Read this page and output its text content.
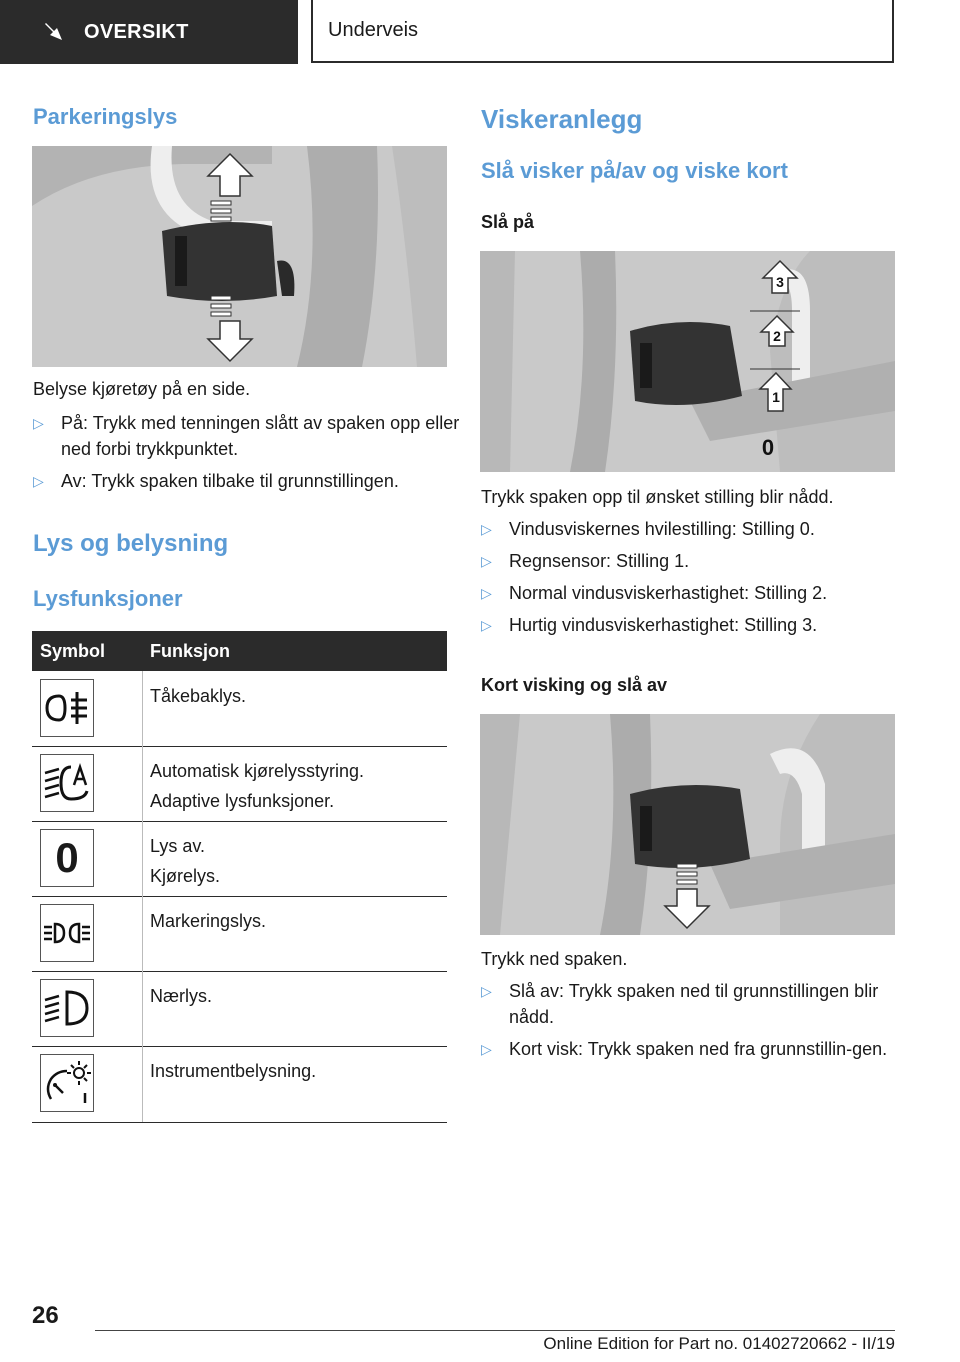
OVERSIKT	Underveis
Parkeringslys
Belyse kjøretøy på en side.
▷ På: Trykk med tenningen slått av spaken opp eller ned forbi trykkpunktet.
▷ Av: Trykk spaken tilbake til grunnstillingen.
Lys og belysning
Lysfunksjoner
Symbol Funksjon
Tåkebaklys.
Automatisk kjørelysstyring.
Adaptive lysfunksjoner.
0	Lys av.
Kjørelys.
Markeringslys.
Nærlys.
Instrumentbelysning.
Viskeranlegg
Slå visker på/av og viske kort
Slå på
3
2
1
0
Trykk spaken opp til ønsket stilling blir nådd.
▷ Vindusviskernes hvilestilling: Stilling 0.
▷ Regnsensor: Stilling 1.
▷ Normal vindusviskerhastighet: Stilling 2.
▷ Hurtig vindusviskerhastighet: Stilling 3.
Kort visking og slå av
Trykk ned spaken.
▷ Slå av: Trykk spaken ned til grunnstillingen blir nådd.
▷ Kort visk: Trykk spaken ned fra grunnstillin-gen.
26
Online Edition for Part no. 01402720662 - II/19
